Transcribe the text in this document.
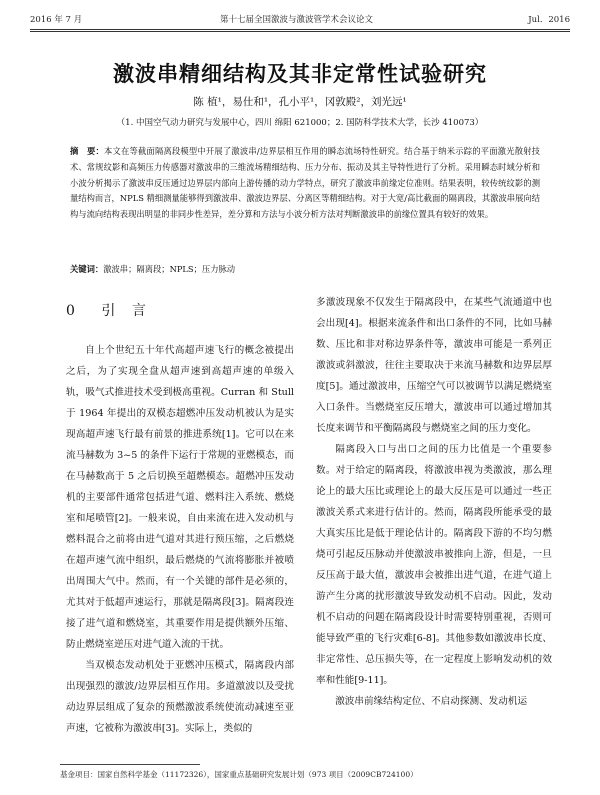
2016 年 7 月	第十七届全国激波与激波管学术会议论文	Jul．2016
激波串精细结构及其非定常性试验研究
陈 植¹，易仕和¹，孔小平¹，冈敦殿²，刘光远¹
（1. 中国空气动力研究与发展中心，四川 绵阳 621000；2. 国防科学技术大学，长沙 410073）
摘　要：本文在等截面隔离段模型中开展了激波串/边界层相互作用的瞬态流场特性研究。结合基于纳米示踪的平面激光散射技术、常规纹影和高频压力传感器对激波串的三维流场精细结构、压力分布、振动及其主导特性进行了分析。采用瞬态时域分析和小波分析揭示了激波串反压通过边界层内部向上游传播的动力学特点，研究了激波串前缘定位准则。结果表明，较传统纹影的测量结构而言，NPLS 精细测量能够得到激波串、激波边界层、分离区等精细结构。对于大宽/高比截面的隔离段，其激波串展向结构与流向结构表现出明显的非同步性差异，差分算和方法与小波分析方法对判断激波串的前缘位置具有较好的效果。
关键词：激波串；隔离段；NPLS；压力脉动
0 引 言

自上个世纪五十年代高超声速飞行的概念被提出之后，为了实现全盘从超声速到高超声速的单级入轨，吸气式推进技术受到极高重视。Curran 和 Stull 于 1964 年提出的双模态超燃冲压发动机被认为是实现高超声速飞行最有前景的推进系统[1]。它可以在来流马赫数为 3~5 的条件下运行于常规的亚燃模态，而在马赫数高于 5 之后切换至超燃模态。超燃冲压发动机的主要部件通常包括进气道、燃料注入系统、燃烧室和尾喷管[2]。一般来说，自由来流在进入发动机与燃料混合之前将由进气道对其进行预压缩，之后燃烧在超声速气流中组织，最后燃烧的气流将膨胀并被喷出周围大气中。然而，有一个关键的部件是必须的，尤其对于低超声速运行，那就是隔离段[3]。隔离段连接了进气道和燃烧室，其重要作用是提供额外压缩、防止燃烧室逆压对进气道入流的干扰。

当双模态发动机处于亚燃冲压模式，隔离段内部出现强烈的激波/边界层相互作用。多道激波以及受扰动边界层组成了复杂的预燃激波系统使流动减速至亚声速，它被称为激波串[3]。实际上，类似的

多激波现象不仅发生于隔离段中，在某些气流通道中也会出现[4]。根据来流条件和出口条件的不同，比如马赫数、压比和非对称边界条件等，激波串可能是一系列正激波或斜激波，往往主要取决于来流马赫数和边界层厚度[5]。通过激波串，压缩空气可以被调节以满足燃烧室入口条件。当燃烧室反压增大，激波串可以通过增加其长度来调节和平衡隔离段与燃烧室之间的压力变化。

隔离段入口与出口之间的压力比值是一个重要参数。对于给定的隔离段，将激波串视为类激波，那么理论上的最大压比或理论上的最大反压是可以通过一些正激波关系式来进行估计的。然而，隔离段所能承受的最大真实压比是低于理论估计的。隔离段下游的不均匀燃烧可引起反压脉动并使激波串被推向上游，但是，一旦反压高于最大值，激波串会被推出进气道，在进气道上游产生分离的扰形激波导致发动机不启动。因此，发动机不启动的问题在隔离段设计时需要特别重视，否则可能导致严重的飞行灾难[6-8]。其他参数如激波串长度、非定常性、总压损失等，在一定程度上影响发动机的效率和性能[9-11]。

激波串前缘结构定位、不启动探测、发动机运

基金项目：国家自然科学基金（11172326），国家重点基础研究发展计划（973 项目（2009CB724100）
